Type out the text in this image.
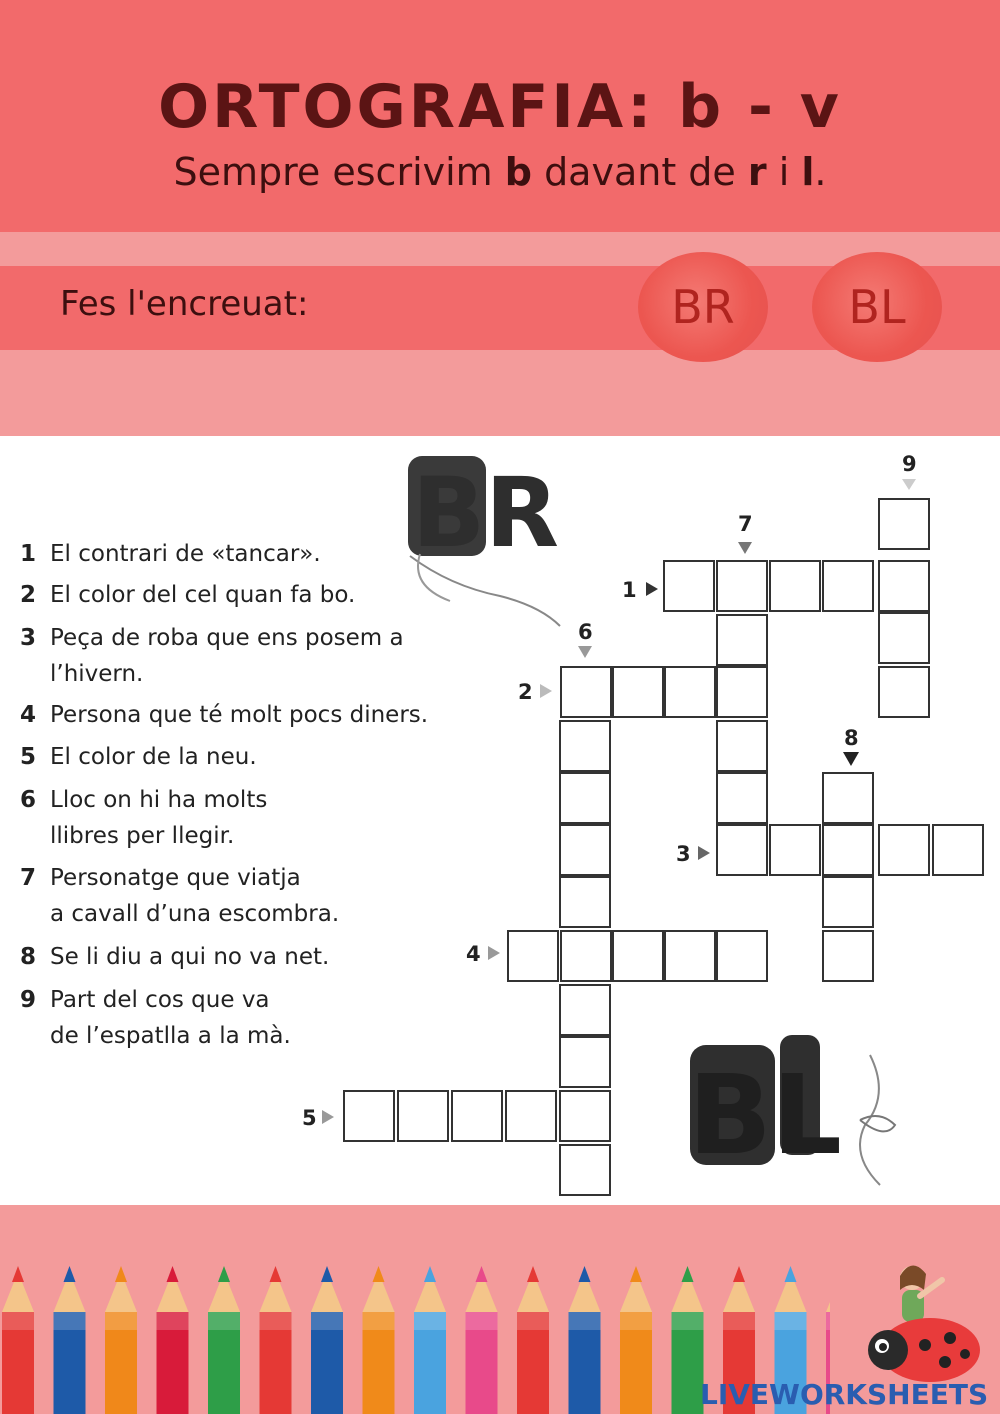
ORTOGRAFIA: b - v
Sempre escrivim b davant de r i l.
Fes l'encreuat:	BR	BL
BR
1 El contrari de «tancar».
2 El color del cel quan fa bo.
3 Peça de roba que ens posem a
l’hivern.
4 Persona que té molt pocs diners.
5 El color de la neu.
6 Lloc on hi ha molts
llibres per llegir.
7 Personatge que viatja
a cavall d’una escombra.
8 Se li diu a qui no va net.
9 Part del cos que va
de l’espatlla a la mà.
1
2
3
4
5
6
7
8
9
BL
LIVEWORKSHEETS
